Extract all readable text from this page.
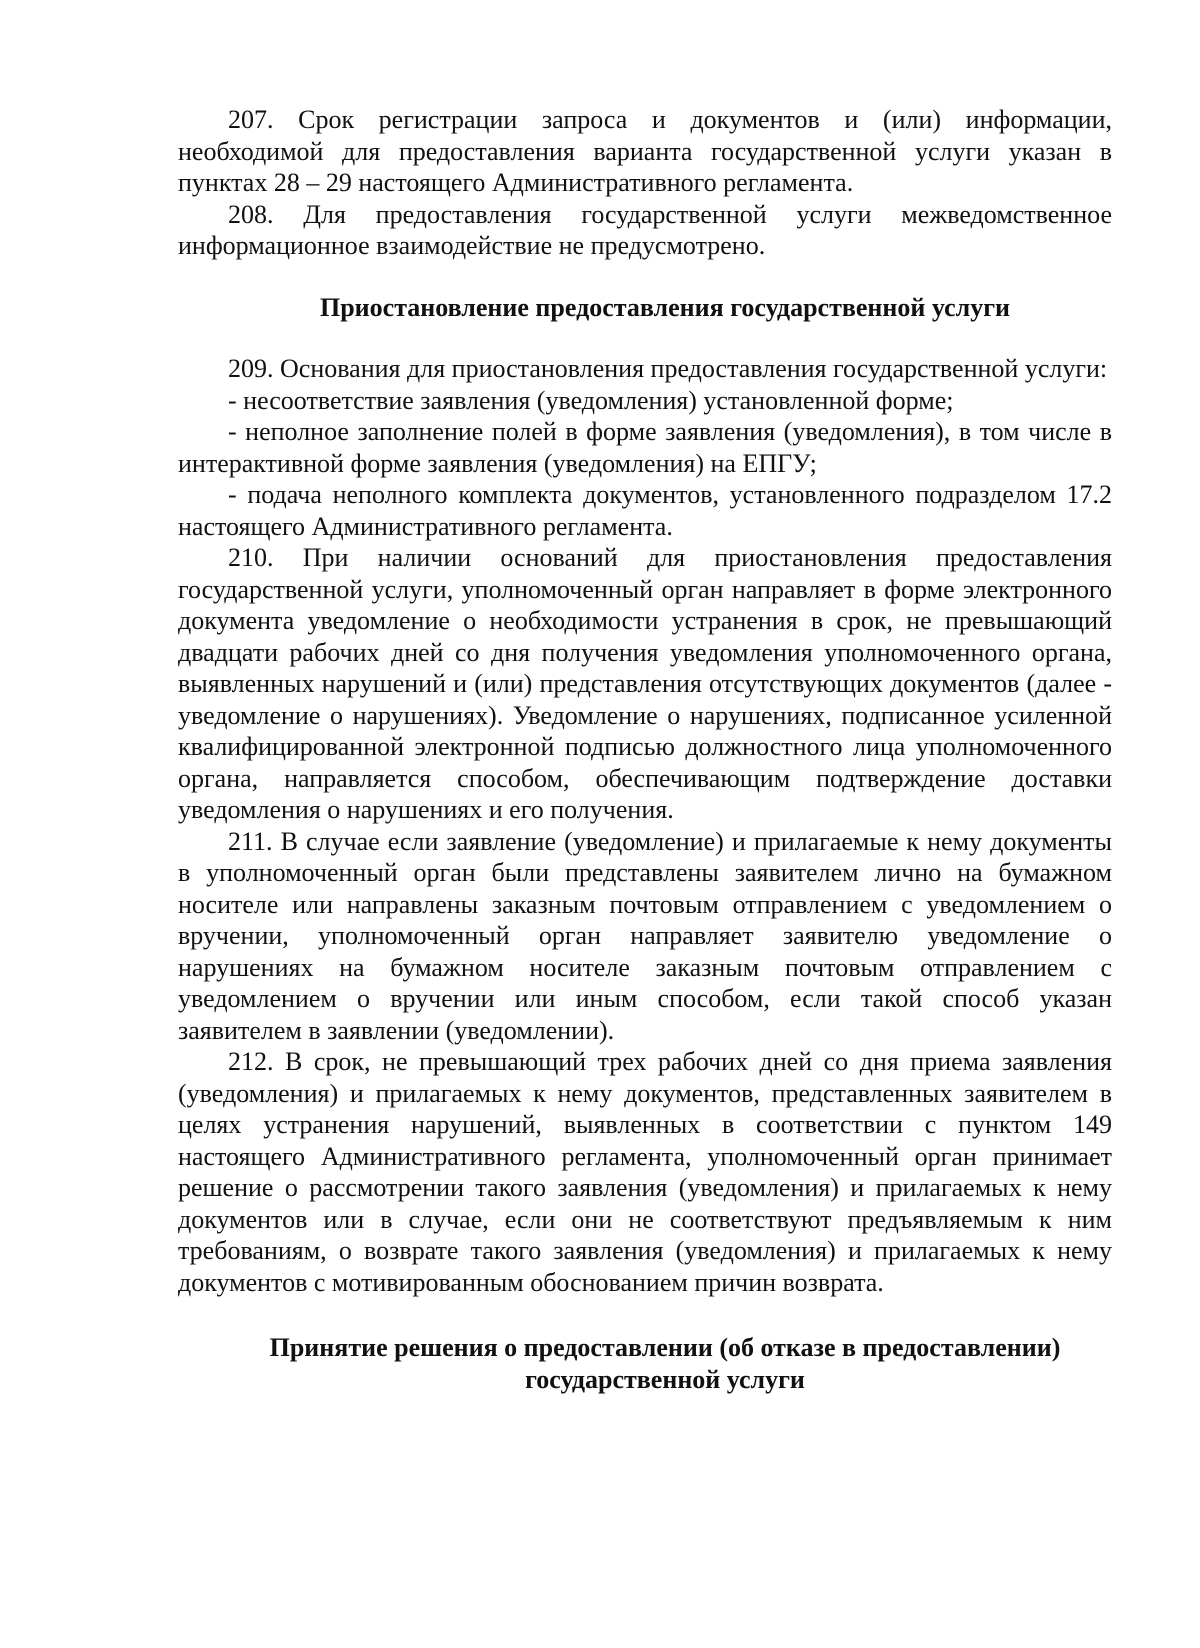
207. Срок регистрации запроса и документов и (или) информации, необходимой для предоставления варианта государственной услуги указан в пунктах 28 – 29 настоящего Административного регламента.

208. Для предоставления государственной услуги межведомственное информационное взаимодействие не предусмотрено.

Приостановление предоставления государственной услуги

209. Основания для приостановления предоставления государственной услуги:

- несоответствие заявления (уведомления) установленной форме;

- неполное заполнение полей в форме заявления (уведомления), в том числе в интерактивной форме заявления (уведомления) на ЕПГУ;

- подача неполного комплекта документов, установленного подразделом 17.2 настоящего Административного регламента.

210. При наличии оснований для приостановления предоставления государственной услуги, уполномоченный орган направляет в форме электронного документа уведомление о необходимости устранения в срок, не превышающий двадцати рабочих дней со дня получения уведомления уполномоченного органа, выявленных нарушений и (или) представления отсутствующих документов (далее - уведомление о нарушениях). Уведомление о нарушениях, подписанное усиленной квалифицированной электронной подписью должностного лица уполномоченного органа, направляется способом, обеспечивающим подтверждение доставки уведомления о нарушениях и его получения.

211. В случае если заявление (уведомление) и прилагаемые к нему документы в уполномоченный орган были представлены заявителем лично на бумажном носителе или направлены заказным почтовым отправлением с уведомлением о вручении, уполномоченный орган направляет заявителю уведомление о нарушениях на бумажном носителе заказным почтовым отправлением с уведомлением о вручении или иным способом, если такой способ указан заявителем в заявлении (уведомлении).

212. В срок, не превышающий трех рабочих дней со дня приема заявления (уведомления) и прилагаемых к нему документов, представленных заявителем в целях устранения нарушений, выявленных в соответствии с пунктом 149 настоящего Административного регламента, уполномоченный орган принимает решение о рассмотрении такого заявления (уведомления) и прилагаемых к нему документов или в случае, если они не соответствуют предъявляемым к ним требованиям, о возврате такого заявления (уведомления) и прилагаемых к нему документов с мотивированным обоснованием причин возврата.

Принятие решения о предоставлении (об отказе в предоставлении)
государственной услуги
